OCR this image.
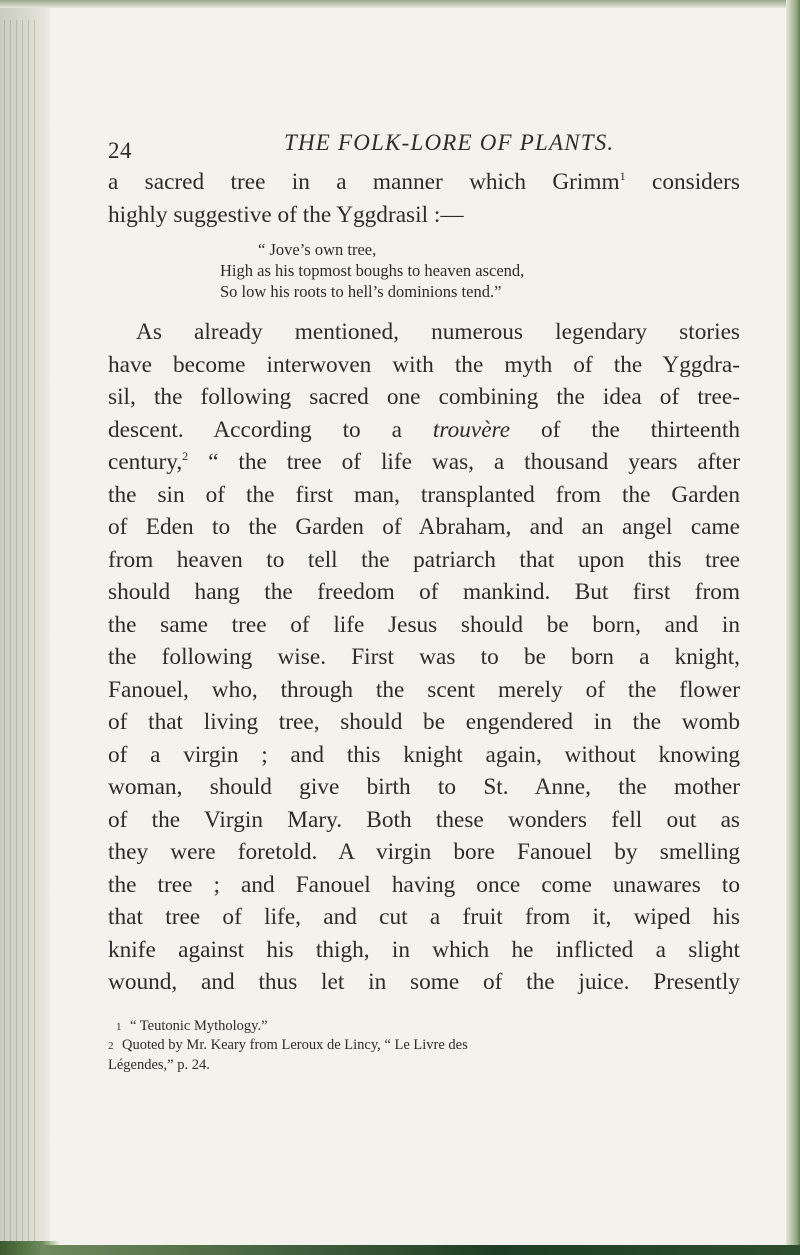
24	THE FOLK-LORE OF PLANTS.
a sacred tree in a manner which Grimm$^1$ considers
highly suggestive of the Yggdrasil :—
“ Jove’s own tree,
High as his topmost boughs to heaven ascend,
So low his roots to hell’s dominions tend.”
As already mentioned, numerous legendary stories
have become interwoven with the myth of the Yggdra-
sil, the following sacred one combining the idea of tree-
descent. According to a trouvère of the thirteenth
century,$^2$ “ the tree of life was, a thousand years after
the sin of the first man, transplanted from the Garden
of Eden to the Garden of Abraham, and an angel came
from heaven to tell the patriarch that upon this tree
should hang the freedom of mankind. But first from
the same tree of life Jesus should be born, and in
the following wise. First was to be born a knight,
Fanouel, who, through the scent merely of the flower
of that living tree, should be engendered in the womb
of a virgin ; and this knight again, without knowing
woman, should give birth to St. Anne, the mother
of the Virgin Mary. Both these wonders fell out as
they were foretold. A virgin bore Fanouel by smelling
the tree ; and Fanouel having once come unawares to
that tree of life, and cut a fruit from it, wiped his
knife against his thigh, in which he inflicted a slight
wound, and thus let in some of the juice. Presently
1 “ Teutonic Mythology.”
2 Quoted by Mr. Keary from Leroux de Lincy, “ Le Livre des
Légendes,” p. 24.
